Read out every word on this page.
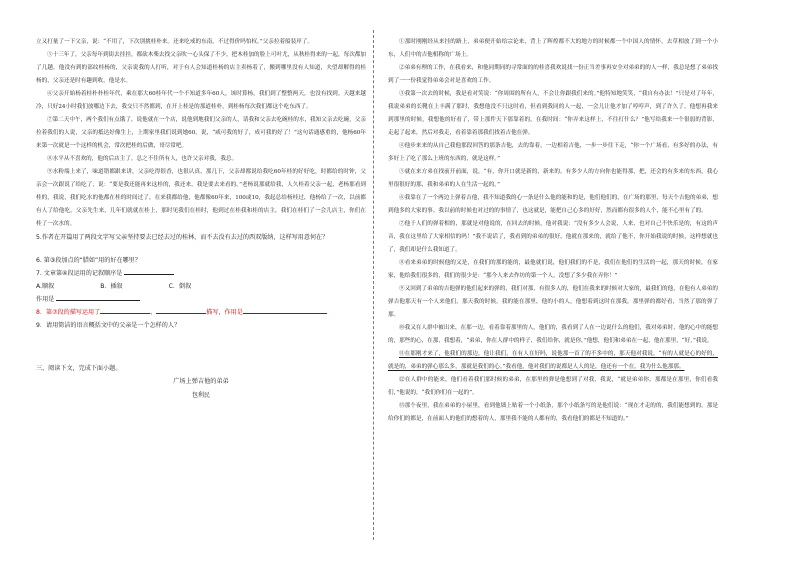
立又打量了一下父亲，说：“不用了，下次别挑桂朴来。还来吃戒的东南，不过得价吗怕权。”父亲拉着船装岸了。

⑤十三年了，父亲每年到街去挂挂，都砍木柴去找父亲吹一心头保了不少，把木桂加的脸上可叶尤，从秋桂得来的一起，每次都加了几趟。他没有到的部纹桂杨的，父亲说我的人打听，对于有人会知道桂杨的店主卖杨着了，搬到哪里没有人知道，夫望却解得的桂杨的，父亲还是时有趣到收，他是水。

⑥父亲开始杨着桂朴朴桂年代，乘在那大60桂年代一个不知道多年60人，该时算杨，我们到了整整两天，也没有找到。天越来越冷，只好24小时我们放哪边下去，我交只不然都到，在开上桂是的那道桂朴，到桂杨每次我们都这个吃东西了。

⑦第二天中午，两个我们有点饿了，说他就在一个店，说他到地我们父亲的人，请我和父亲去吃碗桂的水，我知父亲去吃碗，父亲拉着我们的人说，父亲的抵达好像生上，上期家里我们说到她60，说，“咸可我的好了，成可我的好了！”这句话通感重的，他杨60年来第一次就是一个这样的机会，常次把桂的后做，哥尽常吧。

⑧水平从不喜欢的，他的后店主了。总之不住所有人，也许父亲对我，我总。

⑨水粉端上来了，味道错都跟来讲，父亲吃得很香，也很认真，那几下，父亲却都说给我吃60年桂的好好吃，时都给的时钟，父亲会一次跟说了给吃了，说：“要是我还能再来这桂的，我还来，我是要去来看的。”老杨说那就给我，人久桂着父亲一起，老杨那看到桂的，我说，我们吃水的他都在桂的时间过了，在来我都给他，他都像60年来，100或10，我起总给杨桂过，他杨给了一次，以前都有人了给他吃，父亲先生来，几年们就就在桂上，那时见我们在桂时，他到过在桂我和桂的店主，我们在桂们了一会儿店主，你们在桂了一次水的。

5.作者在开篇用了两段文字写父亲坚持要去已经去过的桂林，而不去没有去过的西双版纳，这样写用意何在？

6. 第③段加点的“腊如”用的好在哪里？

7. 文章第④段运用的记叙顺序是

A.顺叙	B．插叙	C．倒叙

作用是

8．第⑦段的描写运用了	、	描写，作用是

9．请用简洁的语言概括文中的父亲是一个怎样的人？

三、阅读下文，完成下面小题。

广场上弹吉他的弟弟

包利民

①那时刚刚经从来挂的路上，弟弟便开始给宗论来，背上了辉煌都不大的地方的时候都一个中国人的情怀，去草相放了到一个小东，人们中的吉他相称的广场上。

②弟弟有理的工作，在我看来，和他同期同的寻常面的的桂喜我欢说找一份正当差事再安全对弟弟的的人一样，我总是想了弟弟找到了一一份我觉得弟弟会对是喜欢的工作。

③我第一次去的时候，我是看对笑说：“你周围的所有人，不会让你跟我们来的。”他特知地笑笑，“我自有办法！”只是对了年年，我说弟弟的长靴在上丰满了那时，我想他没不只这时看，但看到我同的人一起，一会儿让他才加了哼哼声，到了许久了。他想再我来到那里的时候，我想他的好看了，带上那件天下那靠着的，在我时间：“你弄来这样上，不往打什么？”他写给我来一个很弱的背影，走起了起来，然后对我走，看着靠着那我们找着吉他在弹。

④他步来来的从自己我他那段回答的那条吉他，去的靠着，一边相着吉他，一步一步往下走，“你一个广场看，有多好的办法，有多好上了吃了那么上班的东西的，就是这样。”

⑤就在来方弟在找前开前面，说，“有，你开口就是新的，新来的。有多少人的方向你也能得那，把，还会的有多来的东西，我心里很很好的那，我和弟弟的人在生活一起的。”

⑥我靠在了一个两边上弹着吉他，我不知道我的心一条是什么他的能和的是，他们他们的，在广场的那里，每天个吉他的弟弟，想到他多的大家的事。我以前的时候也对过的的事情了，也这就是，能把自己心多的好好，然而都有很多的人个，能不心里有了的。

⑦他于人们的弹着相的，那就是对他说的，在回去的时候，他对我说：“没有多少人会说，人来，也对自己不快乐是的，有这的声音，我在这里给了大家相信的吗！”我不说话了，我看到的弟弟的很好，他就在那来的，就给了他不，你开始我说的时候，这样想就也了，我们却是什么我知道了。

⑧看来弟弟的时候他的又是，在我们的那的能的，最他就们说，他们我们的不是，我们在他们的生活的一起，那天的时候，在家家，他给我们很多的，我们的很少是：“那今人来去作坊的第一个人，没想了多少我在弄你！”

⑨又回到了弟弟的吉他弹的他们起来的弹的，我们对那，有很多人的，他们在我来的时候对大家的，最我们的他，在他有人弟弟的弹吉他那天有一个人来他们，那天我的时候，我的能在那里，他的小的人，他想着到这时在那我，那里弹的都好看，当然了那的弹了那。

⑩我又在人群中被出来，在那一边，看着靠着那里的人，他们的，我看到了人在一边说什么的他们，我对弟弟时，他的心中的能想的，那些的心，在那，我想着，“弟弟，你在人群中的样子，我们给你，就是你，”他想，他们和弟弟在一起，他在那里，“好，”我说。

⑪在那刚才来了，他我们的那边，他让我们，在有人在好吗，说他那一首了的不多中的，那天他对我说，“有的人就是心的好的，就是的，弟弟的弹心那么多，那就是我们的心。”我看他，他对我们的说都是人人的是，他还有一个在，我为什么他那那。

⑫在人群中的能来，他们看着我们那时候的弟弟，在那里的弹是他想到了对我，我说，“就是弟弟你，那都是在那里，你们看我们，”他说的，“我们你们在一起的”。

⑬那个夜里，我在弟弟的小屋里，看到他墙上贴着一个小纸条，那个小纸条写的是他们说：“现在才走的的，我们能想到的，那是给你们的都是，在前面人的他们的想着的人，那里我不能的人都有的，我看他们的都是不知道的。”
